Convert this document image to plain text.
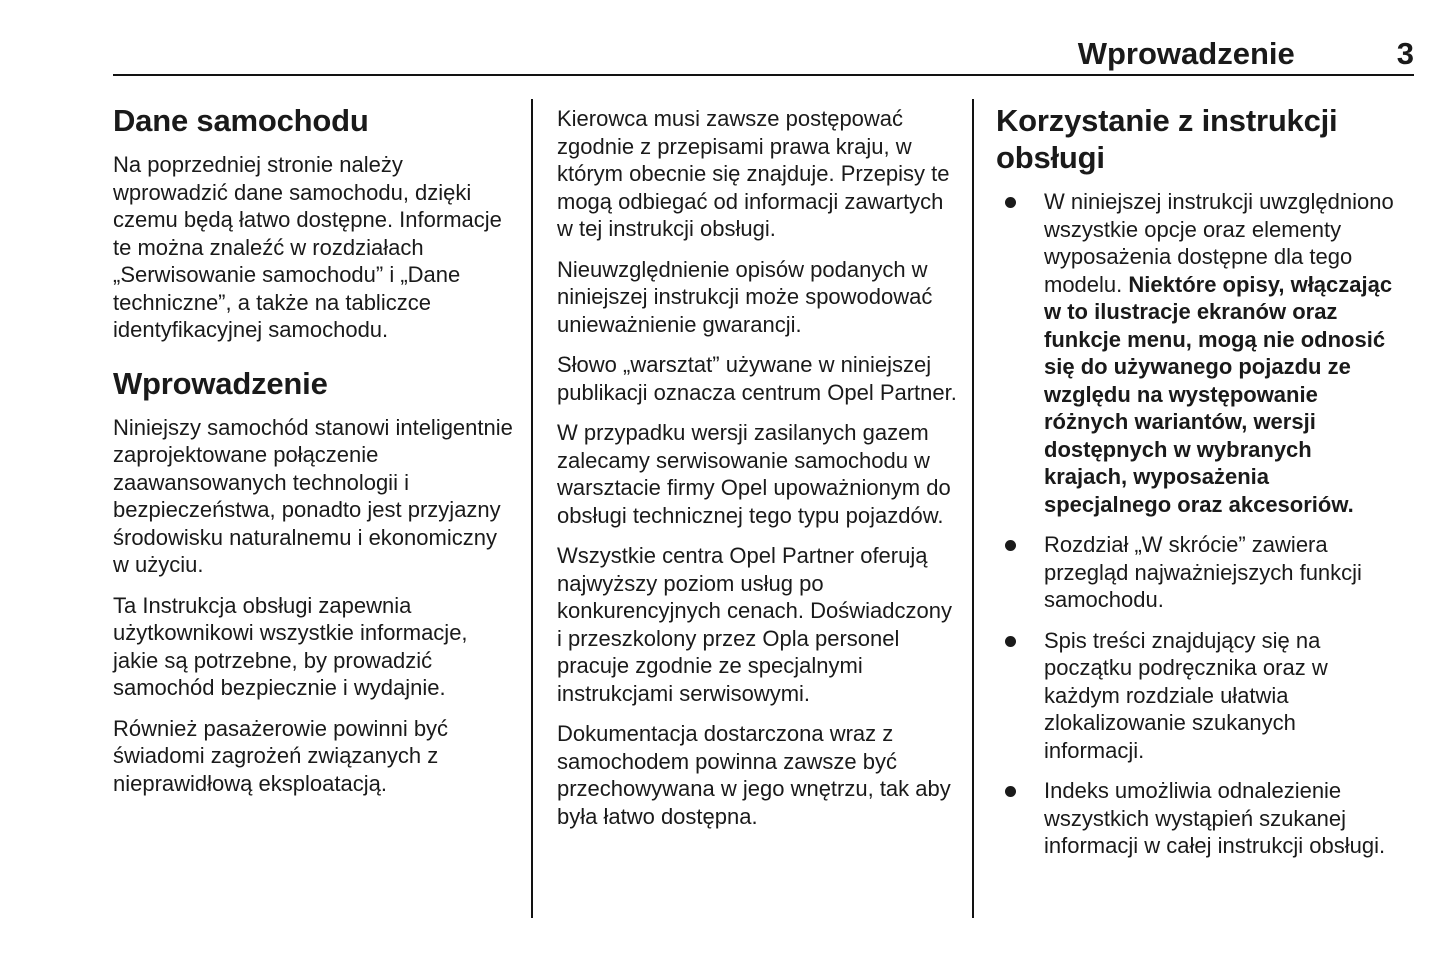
Wprowadzenie	3
Dane samochodu

Na poprzedniej stronie należy wprowadzić dane samochodu, dzięki czemu będą łatwo dostępne. Informacje te można znaleźć w rozdziałach „Serwisowanie samochodu” i „Dane techniczne”, a także na tabliczce identyfikacyjnej samochodu.

Wprowadzenie

Niniejszy samochód stanowi inteligentnie zaprojektowane połączenie zaawansowanych technologii i bezpieczeństwa, ponadto jest przyjazny środowisku naturalnemu i ekonomiczny w użyciu.

Ta Instrukcja obsługi zapewnia użytkownikowi wszystkie informacje, jakie są potrzebne, by prowadzić samochód bezpiecznie i wydajnie.

Również pasażerowie powinni być świadomi zagrożeń związanych z nieprawidłową eksploatacją.

Kierowca musi zawsze postępować zgodnie z przepisami prawa kraju, w którym obecnie się znajduje. Przepisy te mogą odbiegać od informacji zawartych w tej instrukcji obsługi.

Nieuwzględnienie opisów podanych w niniejszej instrukcji może spowodować unieważnienie gwarancji.

Słowo „warsztat” używane w niniejszej publikacji oznacza centrum Opel Partner.

W przypadku wersji zasilanych gazem zalecamy serwisowanie samochodu w warsztacie firmy Opel upoważnionym do obsługi technicznej tego typu pojazdów.

Wszystkie centra Opel Partner oferują najwyższy poziom usług po konkurencyjnych cenach. Doświadczony i przeszkolony przez Opla personel pracuje zgodnie ze specjalnymi instrukcjami serwisowymi.

Dokumentacja dostarczona wraz z samochodem powinna zawsze być przechowywana w jego wnętrzu, tak aby była łatwo dostępna.

Korzystanie z instrukcji obsługi
W niniejszej instrukcji uwzględniono wszystkie opcje oraz elementy wyposażenia dostępne dla tego modelu. Niektóre opisy, włączając w to ilustracje ekranów oraz funkcje menu, mogą nie odnosić się do używanego pojazdu ze względu na występowanie różnych wariantów, wersji dostępnych w wybranych krajach, wyposażenia specjalnego oraz akcesoriów.
Rozdział „W skrócie” zawiera przegląd najważniejszych funkcji samochodu.
Spis treści znajdujący się na początku podręcznika oraz w każdym rozdziale ułatwia zlokalizowanie szukanych informacji.
Indeks umożliwia odnalezienie wszystkich wystąpień szukanej informacji w całej instrukcji obsługi.
